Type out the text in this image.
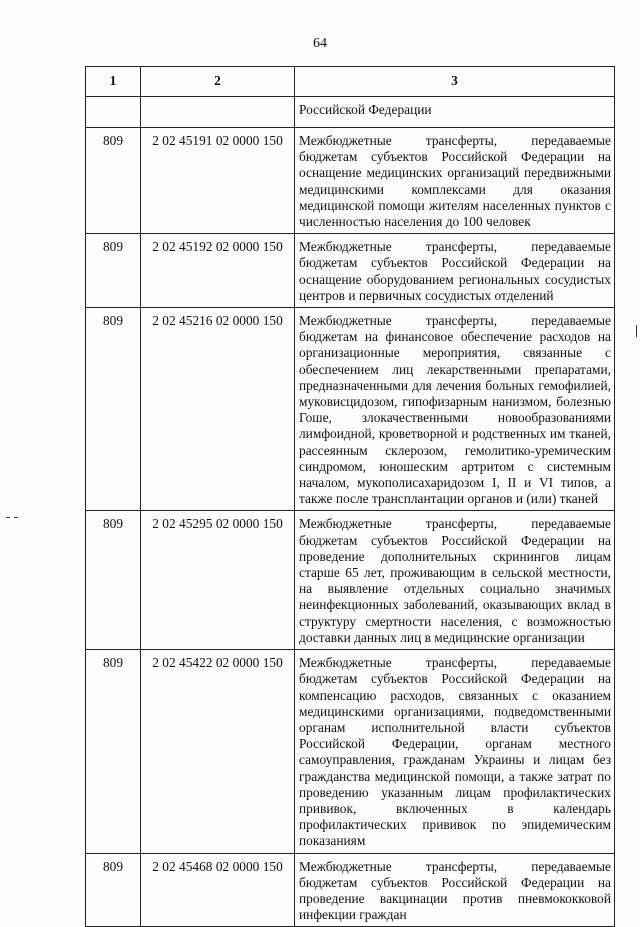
64
1	2	3
		Российской Федерации
809	2 02 45191 02 0000 150	Межбюджетные трансферты, передаваемые бюджетам субъектов Российской Федерации на оснащение медицинских организаций передвижными медицинскими комплексами для оказания медицинской помощи жителям населенных пунктов с численностью населения до 100 человек

809	2 02 45192 02 0000 150	Межбюджетные трансферты, передаваемые бюджетам субъектов Российской Федерации на оснащение оборудованием региональных сосудистых центров и первичных сосудистых отделений

809	2 02 45216 02 0000 150	Межбюджетные трансферты, передаваемые бюджетам на финансовое обеспечение расходов на организационные мероприятия, связанные с обеспечением лиц лекарственными препаратами, предназначенными для лечения больных гемофилией, муковисцидозом, гипофизарным нанизмом, болезнью Гоше, злокачественными новообразованиями лимфоидной, кроветворной и родственных им тканей, рассеянным склерозом, гемолитико-уремическим синдромом, юношеским артритом с системным началом, мукополисахаридозом I, II и VI типов, а также после трансплантации органов и (или) тканей

809	2 02 45295 02 0000 150	Межбюджетные трансферты, передаваемые бюджетам субъектов Российской Федерации на проведение дополнительных скринингов лицам старше 65 лет, проживающим в сельской местности, на выявление отдельных социально значимых неинфекционных заболеваний, оказывающих вклад в структуру смертности населения, с возможностью доставки данных лиц в медицинские организации

809	2 02 45422 02 0000 150	Межбюджетные трансферты, передаваемые бюджетам субъектов Российской Федерации на компенсацию расходов, связанных с оказанием медицинскими организациями, подведомственными органам исполнительной власти субъектов Российской Федерации, органам местного самоуправления, гражданам Украины и лицам без гражданства медицинской помощи, а также затрат по проведению указанным лицам профилактических прививок, включенных в календарь профилактических прививок по эпидемическим показаниям

809	2 02 45468 02 0000 150	Межбюджетные трансферты, передаваемые бюджетам субъектов Российской Федерации на проведение вакцинации против пневмококковой инфекции граждан
